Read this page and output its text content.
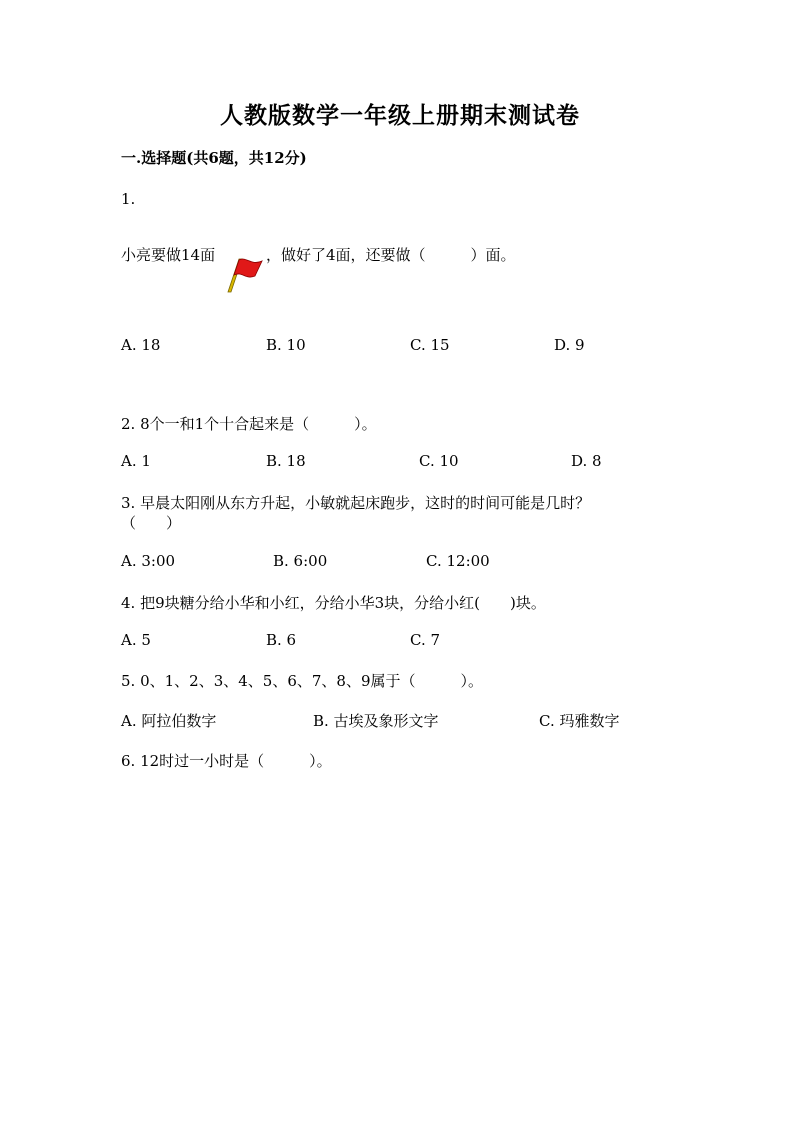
人教版数学一年级上册期末测试卷
一.选择题(共6题，共12分)
1.
小亮要做14面	，做好了4面，还要做（　　　）面。
A. 18	B. 10	C. 15	D. 9
2. 8个一和1个十合起来是（　　　）。
A. 1	B. 18	C. 10	D. 8
3. 早晨太阳刚从东方升起，小敏就起床跑步，这时的时间可能是几时？
（　　）
A. 3:00	B. 6:00	C. 12:00
4. 把9块糖分给小华和小红，分给小华3块，分给小红(　　)块。
A. 5	B. 6	C. 7
5. 0、1、2、3、4、5、6、7、8、9属于（　　　）。
A. 阿拉伯数字	B. 古埃及象形文字	C. 玛雅数字
6. 12时过一小时是（　　　）。
